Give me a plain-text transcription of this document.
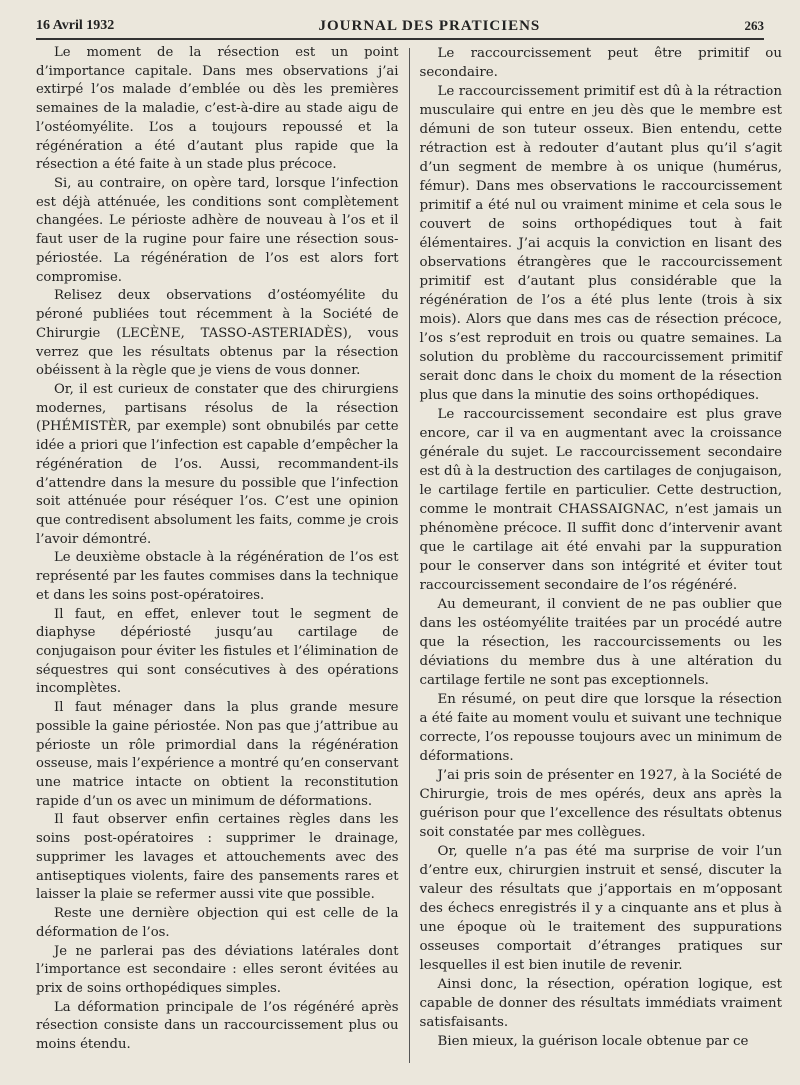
16 Avril 1932	JOURNAL DES PRATICIENS	263

Le moment de la résection est un point d’importance capitale. Dans mes observations j’ai extirpé l’os malade d’emblée ou dès les premières semaines de la maladie, c’est-à-dire au stade aigu de l’ostéomyélite. L’os a toujours repoussé et la régénération a été d’autant plus rapide que la résection a été faite à un stade plus précoce.

Si, au contraire, on opère tard, lorsque l’infection est déjà atténuée, les conditions sont complètement changées. Le périoste adhère de nouveau à l’os et il faut user de la rugine pour faire une résection sous-périostée. La régénération de l’os est alors fort compromise.

Relisez deux observations d’ostéomyélite du péroné publiées tout récemment à la Société de Chirurgie (LECÈNE, TASSO-ASTERIADÈS), vous verrez que les résultats obtenus par la résection obéissent à la règle que je viens de vous donner.

Or, il est curieux de constater que des chirurgiens modernes, partisans résolus de la résection (PHÉMISTÈR, par exemple) sont obnubilés par cette idée a priori que l’infection est capable d’empêcher la régénération de l’os. Aussi, recommandent-ils d’attendre dans la mesure du possible que l’infection soit atténuée pour réséquer l’os. C’est une opinion que contredisent absolument les faits, comme je crois l’avoir démontré.

Le deuxième obstacle à la régénération de l’os est représenté par les fautes commises dans la technique et dans les soins post-opératoires.

Il faut, en effet, enlever tout le segment de diaphyse dépériosté jusqu’au cartilage de conjugaison pour éviter les fistules et l’élimination de séquestres qui sont consécutives à des opérations incomplètes.

Il faut ménager dans la plus grande mesure possible la gaine périostée. Non pas que j’attribue au périoste un rôle primordial dans la régénération osseuse, mais l’expérience a montré qu’en conservant une matrice intacte on obtient la reconstitution rapide d’un os avec un minimum de déformations.

Il faut observer enfin certaines règles dans les soins post-opératoires : supprimer le drainage, supprimer les lavages et attouchements avec des antiseptiques violents, faire des pansements rares et laisser la plaie se refermer aussi vite que possible.

Reste une dernière objection qui est celle de la déformation de l’os.

Je ne parlerai pas des déviations latérales dont l’importance est secondaire : elles seront évitées au prix de soins orthopédiques simples.

La déformation principale de l’os régénéré après résection consiste dans un raccourcissement plus ou moins étendu.

Le raccourcissement peut être primitif ou secondaire.

Le raccourcissement primitif est dû à la rétraction musculaire qui entre en jeu dès que le membre est démuni de son tuteur osseux. Bien entendu, cette rétraction est à redouter d’autant plus qu’il s’agit d’un segment de membre à os unique (humérus, fémur). Dans mes observations le raccourcissement primitif a été nul ou vraiment minime et cela sous le couvert de soins orthopédiques tout à fait élémentaires. J’ai acquis la conviction en lisant des observations étrangères que le raccourcissement primitif est d’autant plus considérable que la régénération de l’os a été plus lente (trois à six mois). Alors que dans mes cas de résection précoce, l’os s’est reproduit en trois ou quatre semaines. La solution du problème du raccourcissement primitif serait donc dans le choix du moment de la résection plus que dans la minutie des soins orthopédiques.

Le raccourcissement secondaire est plus grave encore, car il va en augmentant avec la croissance générale du sujet. Le raccourcissement secondaire est dû à la destruction des cartilages de conjugaison, le cartilage fertile en particulier. Cette destruction, comme le montrait CHASSAIGNAC, n’est jamais un phénomène précoce. Il suffit donc d’intervenir avant que le cartilage ait été envahi par la suppuration pour le conserver dans son intégrité et éviter tout raccourcissement secondaire de l’os régénéré.

Au demeurant, il convient de ne pas oublier que dans les ostéomyélite traitées par un procédé autre que la résection, les raccourcissements ou les déviations du membre dus à une altération du cartilage fertile ne sont pas exceptionnels.

En résumé, on peut dire que lorsque la résection a été faite au moment voulu et suivant une technique correcte, l’os repousse toujours avec un minimum de déformations.

J’ai pris soin de présenter en 1927, à la Société de Chirurgie, trois de mes opérés, deux ans après la guérison pour que l’excellence des résultats obtenus soit constatée par mes collègues.

Or, quelle n’a pas été ma surprise de voir l’un d’entre eux, chirurgien instruit et sensé, discuter la valeur des résultats que j’apportais en m’opposant des échecs enregistrés il y a cinquante ans et plus à une époque où le traitement des suppurations osseuses comportait d’étranges pratiques sur lesquelles il est bien inutile de revenir.

Ainsi donc, la résection, opération logique, est capable de donner des résultats immédiats vraiment satisfaisants.

Bien mieux, la guérison locale obtenue par ce
